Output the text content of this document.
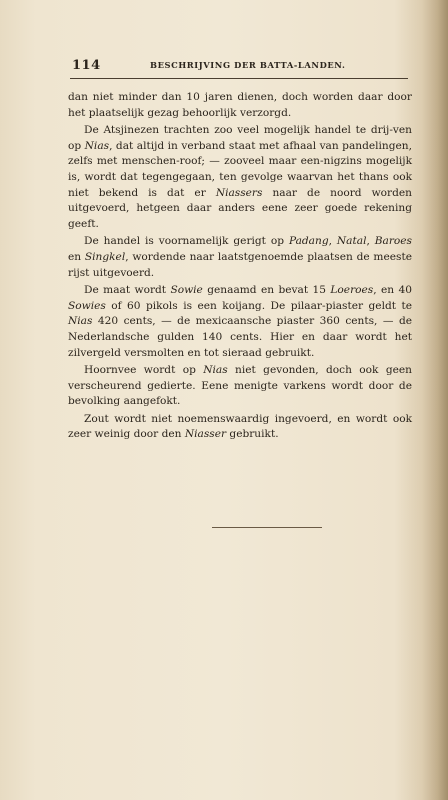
114	BESCHRIJVING DER BATTA-LANDEN.

dan niet minder dan 10 jaren dienen, doch worden daar door het plaatselijk gezag behoorlijk verzorgd.

De Atsjinezen trachten zoo veel mogelijk handel te drij-ven op Nias, dat altijd in verband staat met afhaal van pandelingen, zelfs met menschen-roof; — zooveel maar een-nigzins mogelijk is, wordt dat tegengegaan, ten gevolge waarvan het thans ook niet bekend is dat er Niassers naar de noord worden uitgevoerd, hetgeen daar anders eene zeer goede rekening geeft.

De handel is voornamelijk gerigt op Padang, Natal, Baroes en Singkel, wordende naar laatstgenoemde plaatsen de meeste rijst uitgevoerd.

De maat wordt Sowie genaamd en bevat 15 Loeroes, en 40 Sowies of 60 pikols is een koijang. De pilaar-piaster geldt te Nias 420 cents, — de mexicaansche piaster 360 cents, — de Nederlandsche gulden 140 cents. Hier en daar wordt het zilvergeld versmolten en tot sieraad gebruikt.

Hoornvee wordt op Nias niet gevonden, doch ook geen verscheurend gedierte. Eene menigte varkens wordt door de bevolking aangefokt.

Zout wordt niet noemenswaardig ingevoerd, en wordt ook zeer weinig door den Niasser gebruikt.
